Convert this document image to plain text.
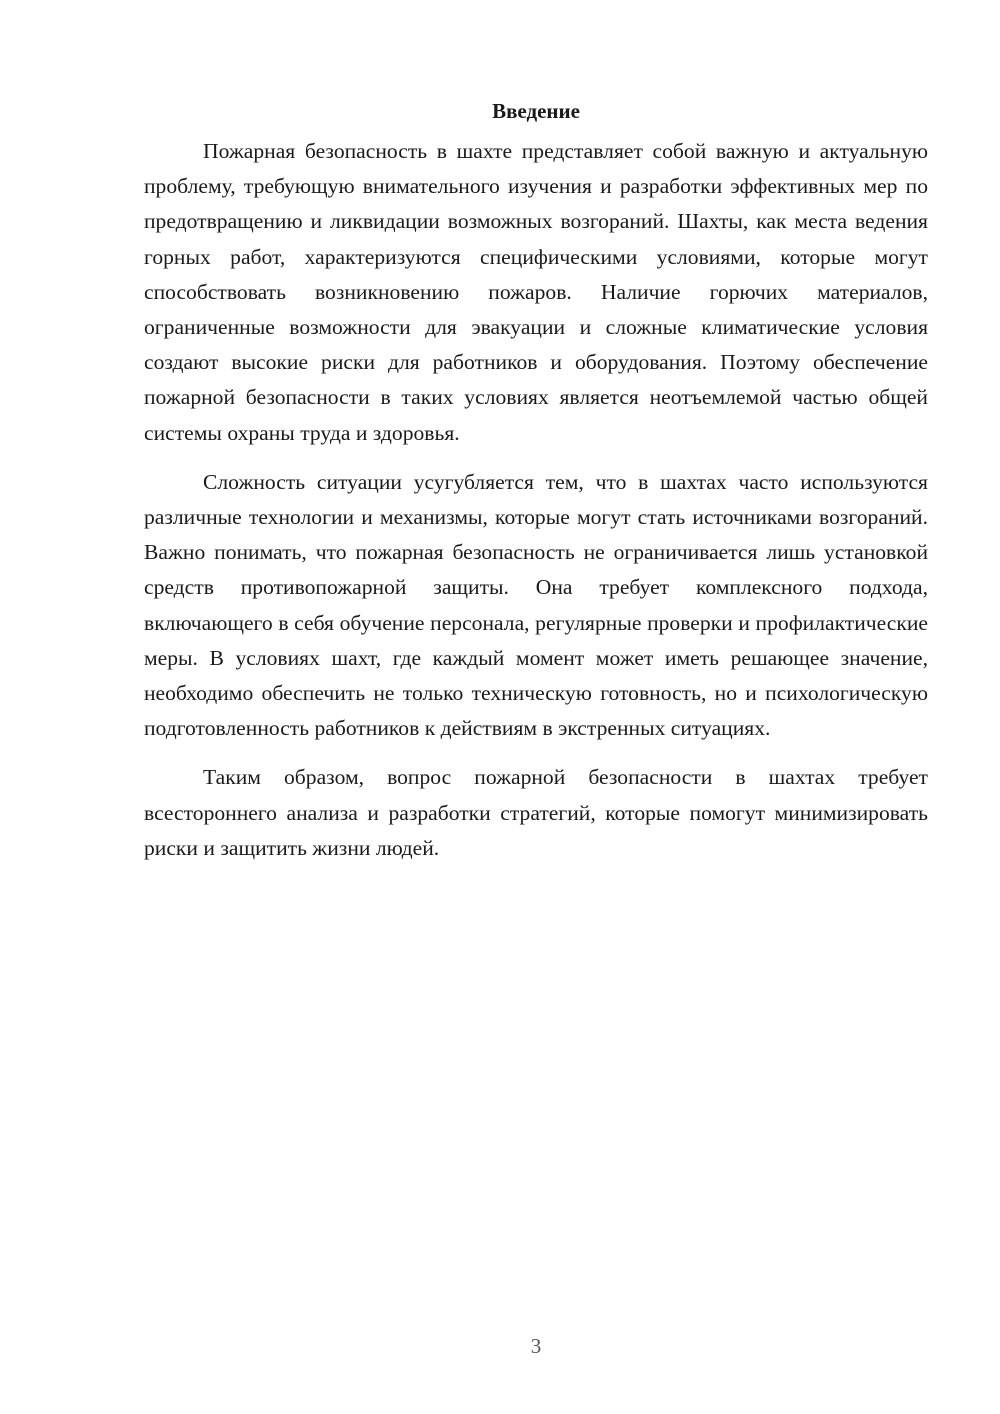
Введение

Пожарная безопасность в шахте представляет собой важную и актуальную проблему, требующую внимательного изучения и разработки эффективных мер по предотвращению и ликвидации возможных возгораний. Шахты, как места ведения горных работ, характеризуются специфическими условиями, которые могут способствовать возникновению пожаров. Наличие горючих материалов, ограниченные возможности для эвакуации и сложные климатические условия создают высокие риски для работников и оборудования. Поэтому обеспечение пожарной безопасности в таких условиях является неотъемлемой частью общей системы охраны труда и здоровья.

Сложность ситуации усугубляется тем, что в шахтах часто используются различные технологии и механизмы, которые могут стать источниками возгораний. Важно понимать, что пожарная безопасность не ограничивается лишь установкой средств противопожарной защиты. Она требует комплексного подхода, включающего в себя обучение персонала, регулярные проверки и профилактические меры. В условиях шахт, где каждый момент может иметь решающее значение, необходимо обеспечить не только техническую готовность, но и психологическую подготовленность работников к действиям в экстренных ситуациях.

Таким образом, вопрос пожарной безопасности в шахтах требует всестороннего анализа и разработки стратегий, которые помогут минимизировать риски и защитить жизни людей.

3
